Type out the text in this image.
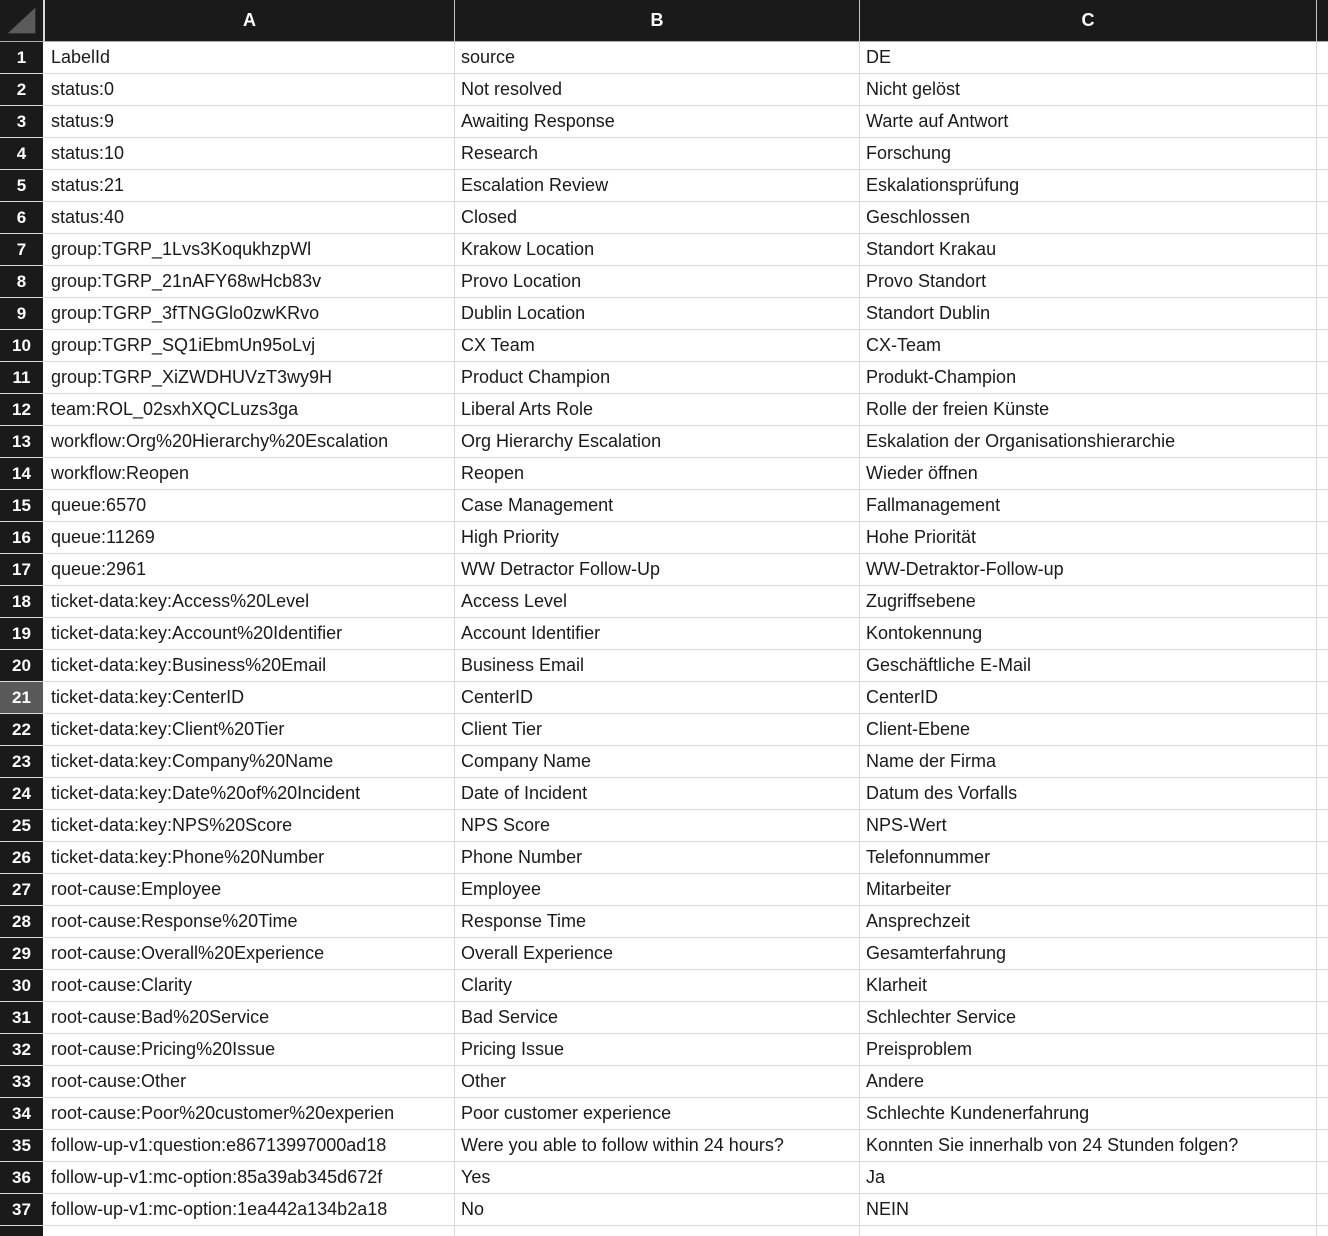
A	B	C
1	LabelId	source	DE
2	status:0	Not resolved	Nicht gelöst
3	status:9	Awaiting Response	Warte auf Antwort
4	status:10	Research	Forschung
5	status:21	Escalation Review	Eskalationsprüfung
6	status:40	Closed	Geschlossen
7	group:TGRP_1Lvs3KoqukhzpWl	Krakow Location	Standort Krakau
8	group:TGRP_21nAFY68wHcb83v	Provo Location	Provo Standort
9	group:TGRP_3fTNGGlo0zwKRvo	Dublin Location	Standort Dublin
10	group:TGRP_SQ1iEbmUn95oLvj	CX Team	CX-Team
11	group:TGRP_XiZWDHUVzT3wy9H	Product Champion	Produkt-Champion
12	team:ROL_02sxhXQCLuzs3ga	Liberal Arts Role	Rolle der freien Künste
13	workflow:Org%20Hierarchy%20Escalation	Org Hierarchy Escalation	Eskalation der Organisationshierarchie
14	workflow:Reopen	Reopen	Wieder öffnen
15	queue:6570	Case Management	Fallmanagement
16	queue:11269	High Priority	Hohe Priorität
17	queue:2961	WW Detractor Follow-Up	WW-Detraktor-Follow-up
18	ticket-data:key:Access%20Level	Access Level	Zugriffsebene
19	ticket-data:key:Account%20Identifier	Account Identifier	Kontokennung
20	ticket-data:key:Business%20Email	Business Email	Geschäftliche E-Mail
21	ticket-data:key:CenterID	CenterID	CenterID
22	ticket-data:key:Client%20Tier	Client Tier	Client-Ebene
23	ticket-data:key:Company%20Name	Company Name	Name der Firma
24	ticket-data:key:Date%20of%20Incident	Date of Incident	Datum des Vorfalls
25	ticket-data:key:NPS%20Score	NPS Score	NPS-Wert
26	ticket-data:key:Phone%20Number	Phone Number	Telefonnummer
27	root-cause:Employee	Employee	Mitarbeiter
28	root-cause:Response%20Time	Response Time	Ansprechzeit
29	root-cause:Overall%20Experience	Overall Experience	Gesamterfahrung
30	root-cause:Clarity	Clarity	Klarheit
31	root-cause:Bad%20Service	Bad Service	Schlechter Service
32	root-cause:Pricing%20Issue	Pricing Issue	Preisproblem
33	root-cause:Other	Other	Andere
34	root-cause:Poor%20customer%20experien	Poor customer experience	Schlechte Kundenerfahrung
35	follow-up-v1:question:e86713997000ad18	Were you able to follow within 24 hours?	Konnten Sie innerhalb von 24 Stunden folgen?
36	follow-up-v1:mc-option:85a39ab345d672f	Yes	Ja
37	follow-up-v1:mc-option:1ea442a134b2a18	No	NEIN
